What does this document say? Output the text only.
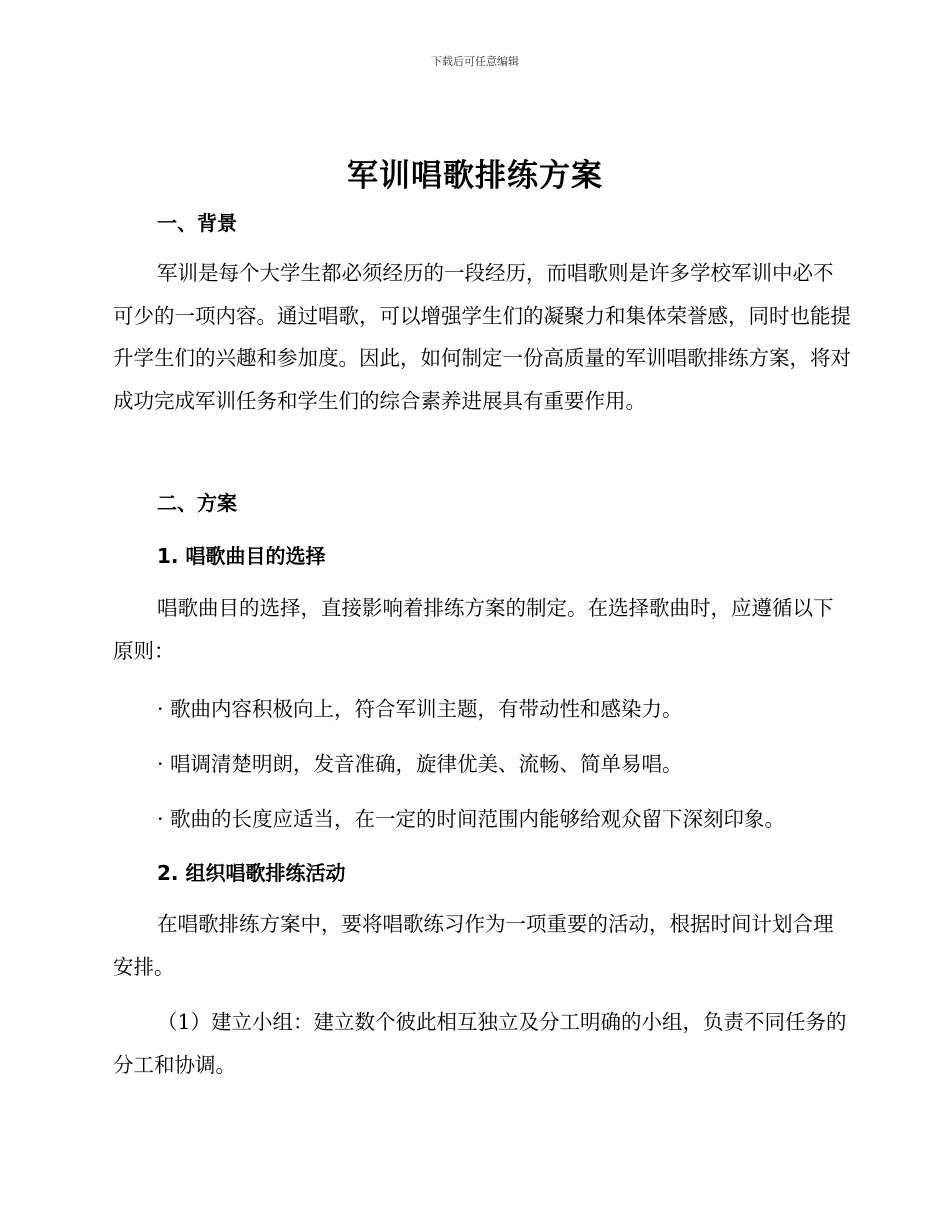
下载后可任意编辑
军训唱歌排练方案
一、背景
军训是每个大学生都必须经历的一段经历，而唱歌则是许多学校军训中必不可少的一项内容。通过唱歌，可以增强学生们的凝聚力和集体荣誉感，同时也能提升学生们的兴趣和参加度。因此，如何制定一份高质量的军训唱歌排练方案，将对成功完成军训任务和学生们的综合素养进展具有重要作用。
二、方案
1. 唱歌曲目的选择
唱歌曲目的选择，直接影响着排练方案的制定。在选择歌曲时，应遵循以下原则：
· 歌曲内容积极向上，符合军训主题，有带动性和感染力。
· 唱调清楚明朗，发音准确，旋律优美、流畅、简单易唱。
· 歌曲的长度应适当，在一定的时间范围内能够给观众留下深刻印象。
2. 组织唱歌排练活动
在唱歌排练方案中，要将唱歌练习作为一项重要的活动，根据时间计划合理安排。
（1）建立小组：建立数个彼此相互独立及分工明确的小组，负责不同任务的分工和协调。
